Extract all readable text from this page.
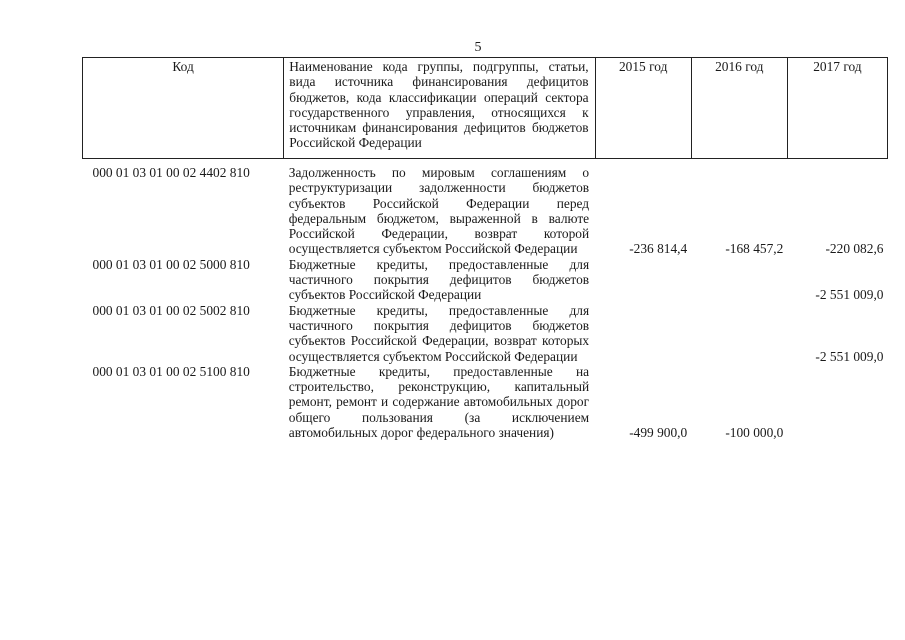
5
Код	Наименование кода группы, подгруппы, статьи, вида источника финансирования дефицитов бюджетов, кода классификации операций сектора государственного управления, относящихся к источникам финансирования дефицитов бюджетов Российской Федерации	2015 год	2016 год	2017 год
000 01 03 01 00 02 4402 810	Задолженность по мировым соглашениям о реструктуризации задолженности бюджетов субъектов Российской Федерации перед федеральным бюджетом, выраженной в валюте Российской Федерации, возврат которой осуществляется субъектом Российской Федерации	-236 814,4	-168 457,2	-220 082,6
000 01 03 01 00 02 5000 810	Бюджетные кредиты, предоставленные для частичного покрытия дефицитов бюджетов субъектов Российской Федерации			-2 551 009,0
000 01 03 01 00 02 5002 810	Бюджетные кредиты, предоставленные для частичного покрытия дефицитов бюджетов субъектов Российской Федерации, возврат которых осуществляется субъектом Российской Федерации			-2 551 009,0
000 01 03 01 00 02 5100 810	Бюджетные кредиты, предоставленные на строительство, реконструкцию, капитальный ремонт, ремонт и содержание автомобильных дорог общего пользования (за исключением автомобильных дорог федерального значения)	-499 900,0	-100 000,0	
